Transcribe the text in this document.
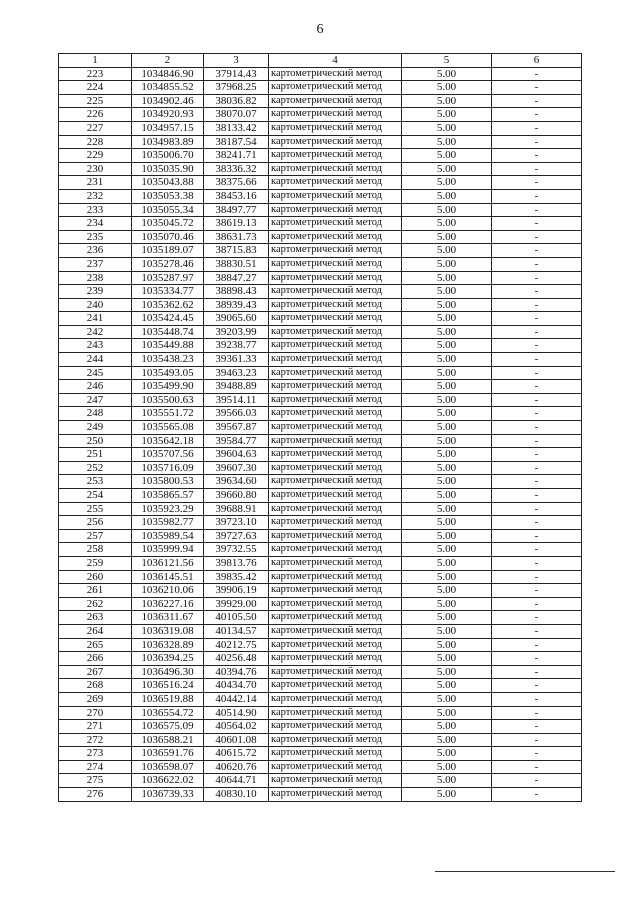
6
1	2	3	4	5	6
223	1034846.90	37914.43	картометрический метод	5.00	-
224	1034855.52	37968.25	картометрический метод	5.00	-
225	1034902.46	38036.82	картометрический метод	5.00	-
226	1034920.93	38070.07	картометрический метод	5.00	-
227	1034957.15	38133.42	картометрический метод	5.00	-
228	1034983.89	38187.54	картометрический метод	5.00	-
229	1035006.70	38241.71	картометрический метод	5.00	-
230	1035035.90	38336.32	картометрический метод	5.00	-
231	1035043.88	38375.66	картометрический метод	5.00	-
232	1035053.38	38453.16	картометрический метод	5.00	-
233	1035055.34	38497.77	картометрический метод	5.00	-
234	1035045.72	38619.13	картометрический метод	5.00	-
235	1035070.46	38631.73	картометрический метод	5.00	-
236	1035189.07	38715.83	картометрический метод	5.00	-
237	1035278.46	38830.51	картометрический метод	5.00	-
238	1035287.97	38847.27	картометрический метод	5.00	-
239	1035334.77	38898.43	картометрический метод	5.00	-
240	1035362.62	38939.43	картометрический метод	5.00	-
241	1035424.45	39065.60	картометрический метод	5.00	-
242	1035448.74	39203.99	картометрический метод	5.00	-
243	1035449.88	39238.77	картометрический метод	5.00	-
244	1035438.23	39361.33	картометрический метод	5.00	-
245	1035493.05	39463.23	картометрический метод	5.00	-
246	1035499.90	39488.89	картометрический метод	5.00	-
247	1035500.63	39514.11	картометрический метод	5.00	-
248	1035551.72	39566.03	картометрический метод	5.00	-
249	1035565.08	39567.87	картометрический метод	5.00	-
250	1035642.18	39584.77	картометрический метод	5.00	-
251	1035707.56	39604.63	картометрический метод	5.00	-
252	1035716.09	39607.30	картометрический метод	5.00	-
253	1035800.53	39634.60	картометрический метод	5.00	-
254	1035865.57	39660.80	картометрический метод	5.00	-
255	1035923.29	39688.91	картометрический метод	5.00	-
256	1035982.77	39723.10	картометрический метод	5.00	-
257	1035989.54	39727.63	картометрический метод	5.00	-
258	1035999.94	39732.55	картометрический метод	5.00	-
259	1036121.56	39813.76	картометрический метод	5.00	-
260	1036145.51	39835.42	картометрический метод	5.00	-
261	1036210.06	39906.19	картометрический метод	5.00	-
262	1036227.16	39929.00	картометрический метод	5.00	-
263	1036311.67	40105.50	картометрический метод	5.00	-
264	1036319.08	40134.57	картометрический метод	5.00	-
265	1036328.89	40212.75	картометрический метод	5.00	-
266	1036394.25	40256.48	картометрический метод	5.00	-
267	1036496.30	40394.76	картометрический метод	5.00	-
268	1036516.24	40434.70	картометрический метод	5.00	-
269	1036519.88	40442.14	картометрический метод	5.00	-
270	1036554.72	40514.90	картометрический метод	5.00	-
271	1036575.09	40564.02	картометрический метод	5.00	-
272	1036588.21	40601.08	картометрический метод	5.00	-
273	1036591.76	40615.72	картометрический метод	5.00	-
274	1036598.07	40620.76	картометрический метод	5.00	-
275	1036622.02	40644.71	картометрический метод	5.00	-
276	1036739.33	40830.10	картометрический метод	5.00	-
